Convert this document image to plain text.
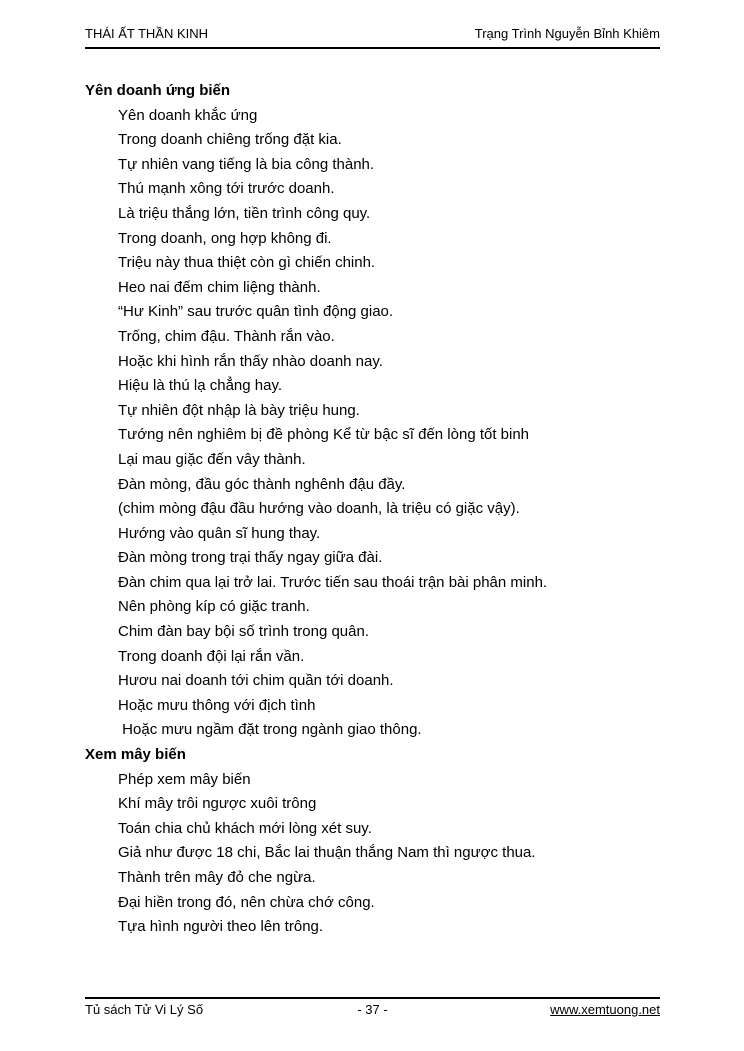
THÁI ẤT THẦN KINH	Trạng Trình Nguyễn Bỉnh Khiêm
Yên doanh ứng biến

Yên doanh khắc ứng

Trong doanh chiêng trống đặt kia.

Tự nhiên vang tiếng là bia công thành.

Thú mạnh xông tới trước doanh.

Là triệu thắng lớn, tiền trình công quy.

Trong doanh, ong hợp không đi.

Triệu này thua thiệt còn gì chiến chinh.

Heo nai đếm chim liệng thành.

“Hư Kinh” sau trước quân tình động giao.

Trống, chim đậu. Thành rắn vào.

Hoặc khi hình rắn thấy nhào doanh nay.

Hiệu là thú lạ chẳng hay.

Tự nhiên đột nhập là bày triệu hung.

Tướng nên nghiêm bị đề phòng Kể từ bậc sĩ đến lòng tốt binh

Lại mau giặc đến vây thành.

Đàn mòng, đầu góc thành nghênh đậu đầy.

(chim mòng đậu đầu hướng vào doanh, là triệu có giặc vậy).

Hướng vào quân sĩ hung thay.

Đàn mòng trong trại thấy ngay giữa đài.

Đàn chim qua lại trở lai. Trước tiến sau thoái trận bài phân minh.

Nên phòng kíp có giặc tranh.

Chim đàn bay bội số trình trong quân.

Trong doanh đội lại rắn vần.

Hươu nai doanh tới chim quần tới doanh.

Hoặc mưu thông với địch tình

Hoặc mưu ngầm đặt trong ngành giao thông.

Xem mây biến

Phép xem mây biến

Khí mây trôi ngược xuôi trông

Toán chia chủ khách mới lòng xét suy.

Giả như được 18 chi, Bắc lai thuận thắng Nam thì ngược thua.

Thành trên mây đỏ che ngừa.

Đại hiền trong đó, nên chừa chớ công.

Tựa hình người theo lên trông.

Tủ sách Tử Vi Lý Số	- 37 -	www.xemtuong.net
